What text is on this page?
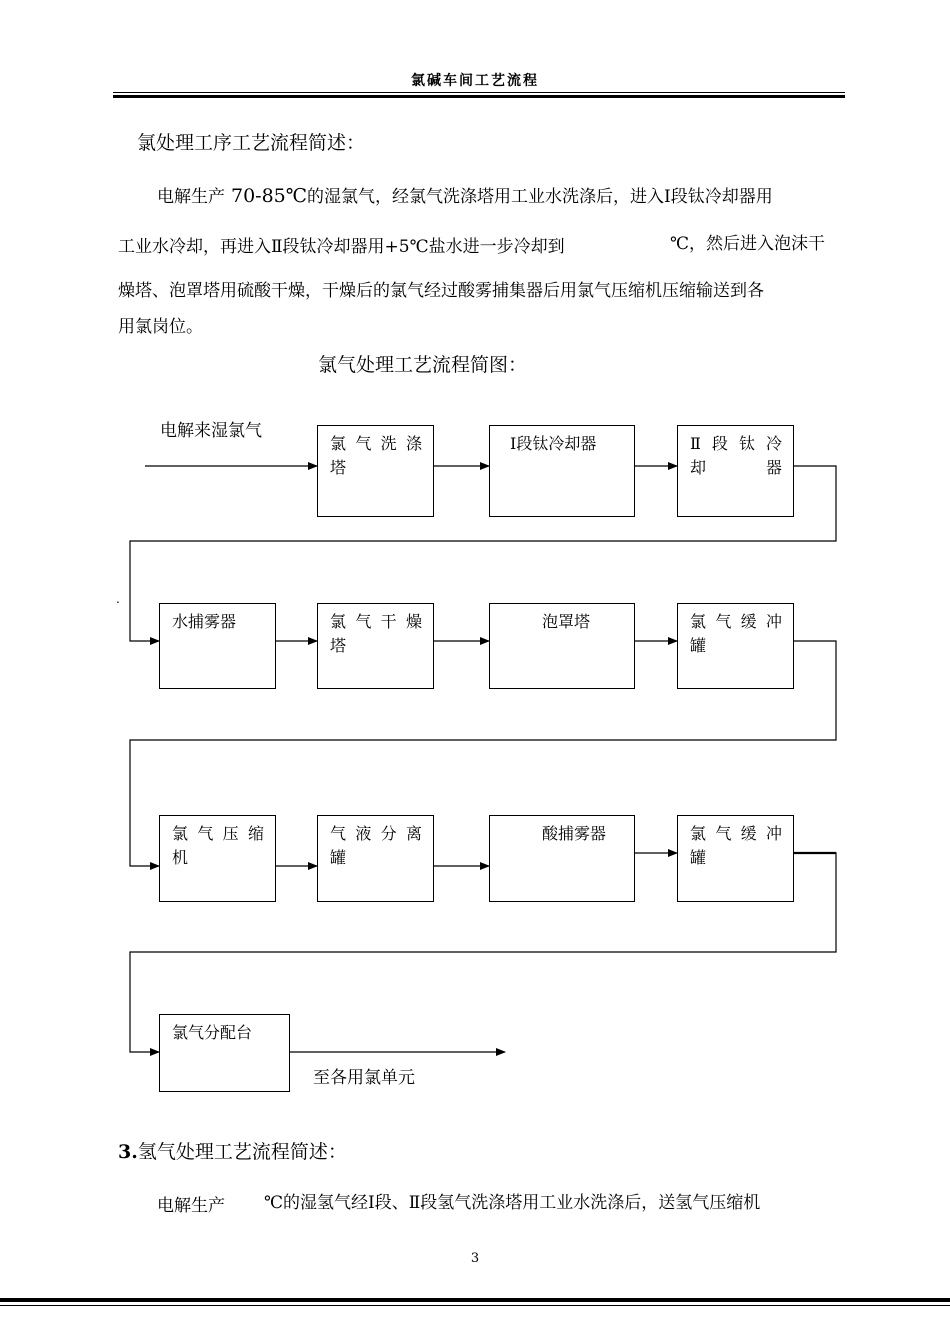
氯碱车间工艺流程
氯处理工序工艺流程简述：
电解生产 70-85℃的湿氯气，经氯气洗涤塔用工业水洗涤后，进入Ⅰ段钛冷却器用
工业水冷却，再进入Ⅱ段钛冷却器用+5℃盐水进一步冷却到	℃，然后进入泡沫干
燥塔、泡罩塔用硫酸干燥，干燥后的氯气经过酸雾捕集器后用氯气压缩机压缩输送到各
用氯岗位。
氯气处理工艺流程简图：
电解来湿氯气
.
氯 气 洗 涤 塔
Ⅰ段钛冷却器	Ⅱ 段 钛 冷 却器
水捕雾器	氯 气 干 燥 塔
泡罩塔	氯 气 缓 冲 罐
氯 气 压 缩 机
气 液 分 离 罐
酸捕雾器	氯 气 缓 冲 罐
氯气分配台
至各用氯单元
3.氢气处理工艺流程简述：
电解生产 ℃的湿氢气经Ⅰ段、Ⅱ段氢气洗涤塔用工业水洗涤后，送氢气压缩机
3
